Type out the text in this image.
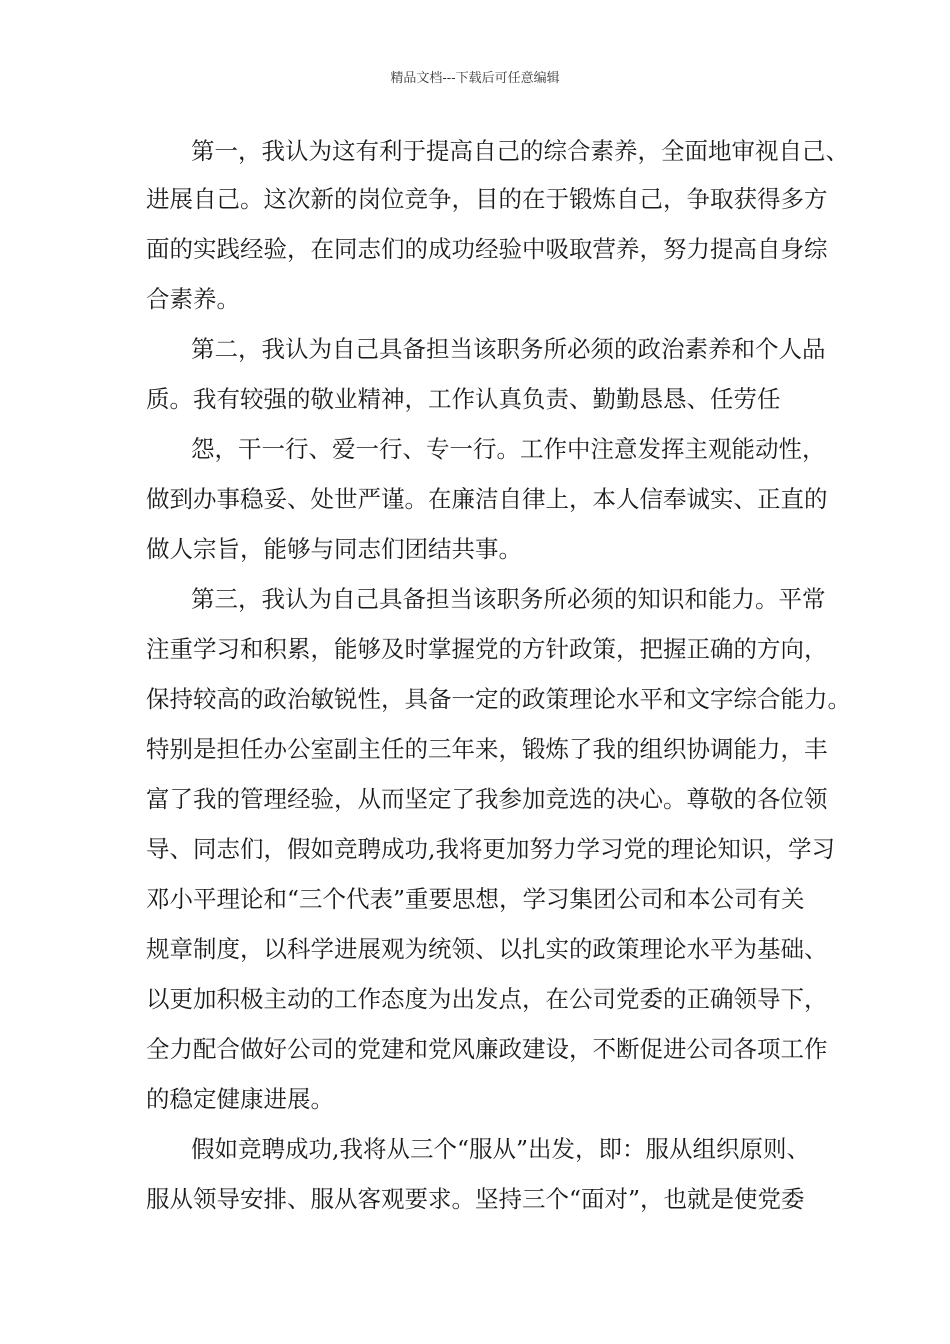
精品文档---下载后可任意编辑
第一，我认为这有利于提高自己的综合素养，全面地审视自己、
进展自己。这次新的岗位竞争，目的在于锻炼自己，争取获得多方
面的实践经验，在同志们的成功经验中吸取营养，努力提高自身综
合素养。
第二，我认为自己具备担当该职务所必须的政治素养和个人品
质。我有较强的敬业精神，工作认真负责、勤勤恳恳、任劳任
怨，干一行、爱一行、专一行。工作中注意发挥主观能动性，
做到办事稳妥、处世严谨。在廉洁自律上，本人信奉诚实、正直的
做人宗旨，能够与同志们团结共事。
第三，我认为自己具备担当该职务所必须的知识和能力。平常
注重学习和积累，能够及时掌握党的方针政策，把握正确的方向，
保持较高的政治敏锐性，具备一定的政策理论水平和文字综合能力。
特别是担任办公室副主任的三年来，锻炼了我的组织协调能力，丰
富了我的管理经验，从而坚定了我参加竞选的决心。尊敬的各位领
导、同志们，假如竞聘成功,我将更加努力学习党的理论知识，学习
邓小平理论和“三个代表”重要思想，学习集团公司和本公司有关
规章制度，以科学进展观为统领、以扎实的政策理论水平为基础、
以更加积极主动的工作态度为出发点，在公司党委的正确领导下，
全力配合做好公司的党建和党风廉政建设，不断促进公司各项工作
的稳定健康进展。
假如竞聘成功,我将从三个“服从”出发，即：服从组织原则、
服从领导安排、服从客观要求。坚持三个“面对”，也就是使党委
